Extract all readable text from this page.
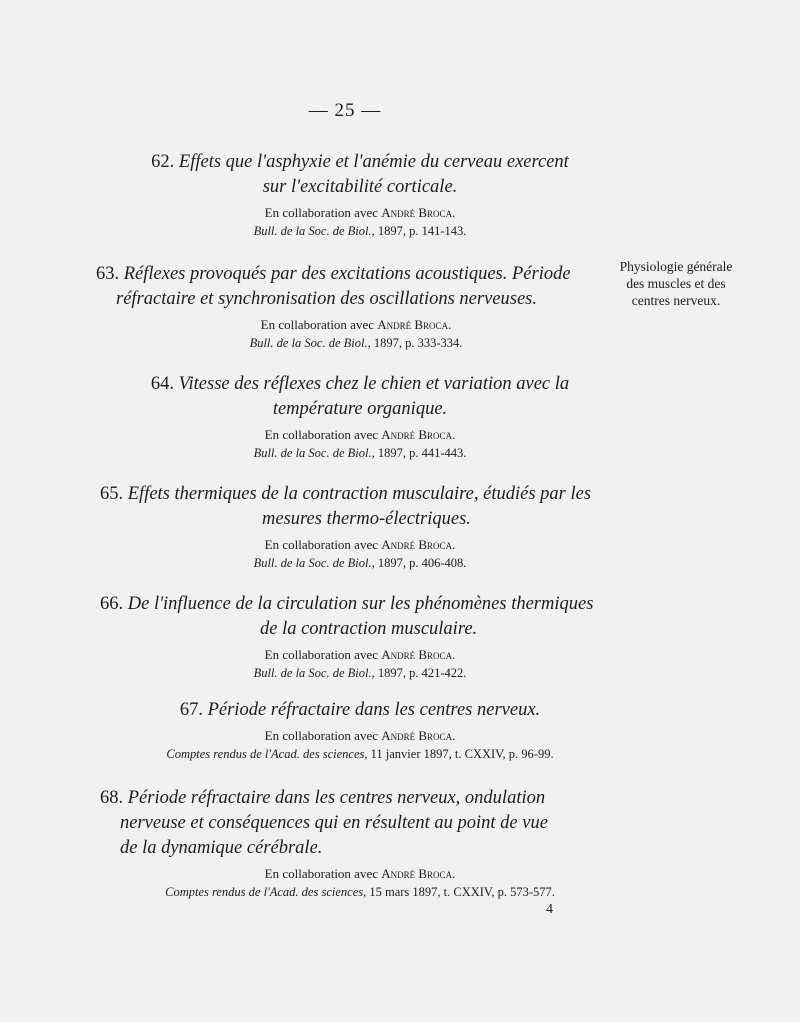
— 25 —
62. Effets que l'asphyxie et l'anémie du cerveau exercent
sur l'excitabilité corticale.
En collaboration avec André Broca.
Bull. de la Soc. de Biol., 1897, p. 141-143.
63. Réflexes provoqués par des excitations acoustiques. Période
réfractaire et synchronisation des oscillations nerveuses.
En collaboration avec André Broca.
Bull. de la Soc. de Biol., 1897, p. 333-334.
64. Vitesse des réflexes chez le chien et variation avec la
température organique.
En collaboration avec André Broca.
Bull. de la Soc. de Biol., 1897, p. 441-443.
65. Effets thermiques de la contraction musculaire, étudiés par les
mesures thermo-électriques.
En collaboration avec André Broca.
Bull. de la Soc. de Biol., 1897, p. 406-408.
66. De l'influence de la circulation sur les phénomènes thermiques
de la contraction musculaire.
En collaboration avec André Broca.
Bull. de la Soc. de Biol., 1897, p. 421-422.
67. Période réfractaire dans les centres nerveux.
En collaboration avec André Broca.
Comptes rendus de l'Acad. des sciences, 11 janvier 1897, t. CXXIV, p. 96-99.
68. Période réfractaire dans les centres nerveux, ondulation
nerveuse et conséquences qui en résultent au point de vue
de la dynamique cérébrale.
En collaboration avec André Broca.
Comptes rendus de l'Acad. des sciences, 15 mars 1897, t. CXXIV, p. 573-577.
Physiologie générale des muscles et des centres nerveux.
4
